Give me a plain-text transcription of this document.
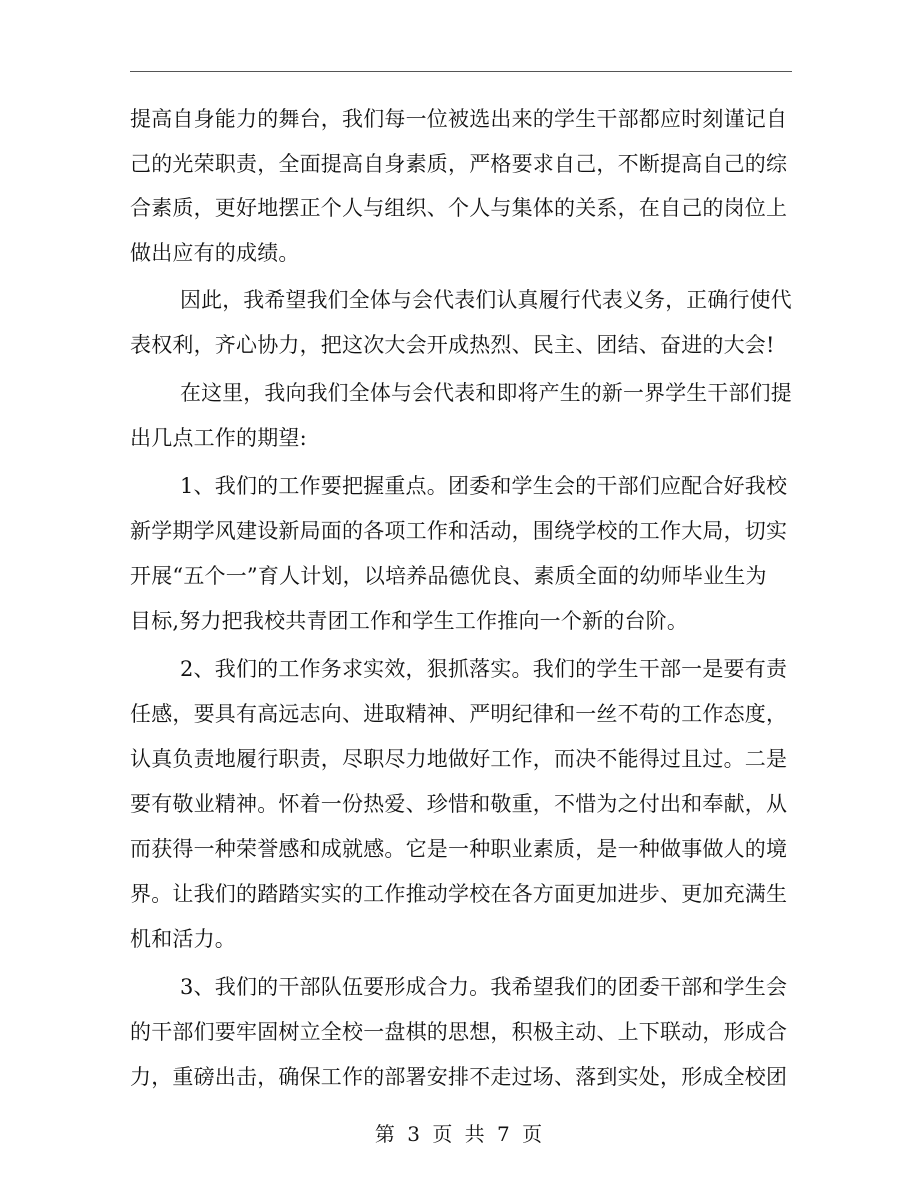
提高自身能力的舞台，我们每一位被选出来的学生干部都应时刻谨记自
己的光荣职责，全面提高自身素质，严格要求自己，不断提高自己的综
合素质，更好地摆正个人与组织、个人与集体的关系，在自己的岗位上
做出应有的成绩。
因此，我希望我们全体与会代表们认真履行代表义务，正确行使代
表权利，齐心协力，把这次大会开成热烈、民主、团结、奋进的大会!
在这里，我向我们全体与会代表和即将产生的新一界学生干部们提
出几点工作的期望:
1、我们的工作要把握重点。团委和学生会的干部们应配合好我校
新学期学风建设新局面的各项工作和活动，围绕学校的工作大局，切实
开展“五个一”育人计划，以培养品德优良、素质全面的幼师毕业生为
目标,努力把我校共青团工作和学生工作推向一个新的台阶。
2、我们的工作务求实效，狠抓落实。我们的学生干部一是要有责
任感，要具有高远志向、进取精神、严明纪律和一丝不苟的工作态度，
认真负责地履行职责，尽职尽力地做好工作，而决不能得过且过。二是
要有敬业精神。怀着一份热爱、珍惜和敬重，不惜为之付出和奉献，从
而获得一种荣誉感和成就感。它是一种职业素质，是一种做事做人的境
界。让我们的踏踏实实的工作推动学校在各方面更加进步、更加充满生
机和活力。
3、我们的干部队伍要形成合力。我希望我们的团委干部和学生会
的干部们要牢固树立全校一盘棋的思想，积极主动、上下联动，形成合
力，重磅出击，确保工作的部署安排不走过场、落到实处，形成全校团
第 3 页 共 7 页
